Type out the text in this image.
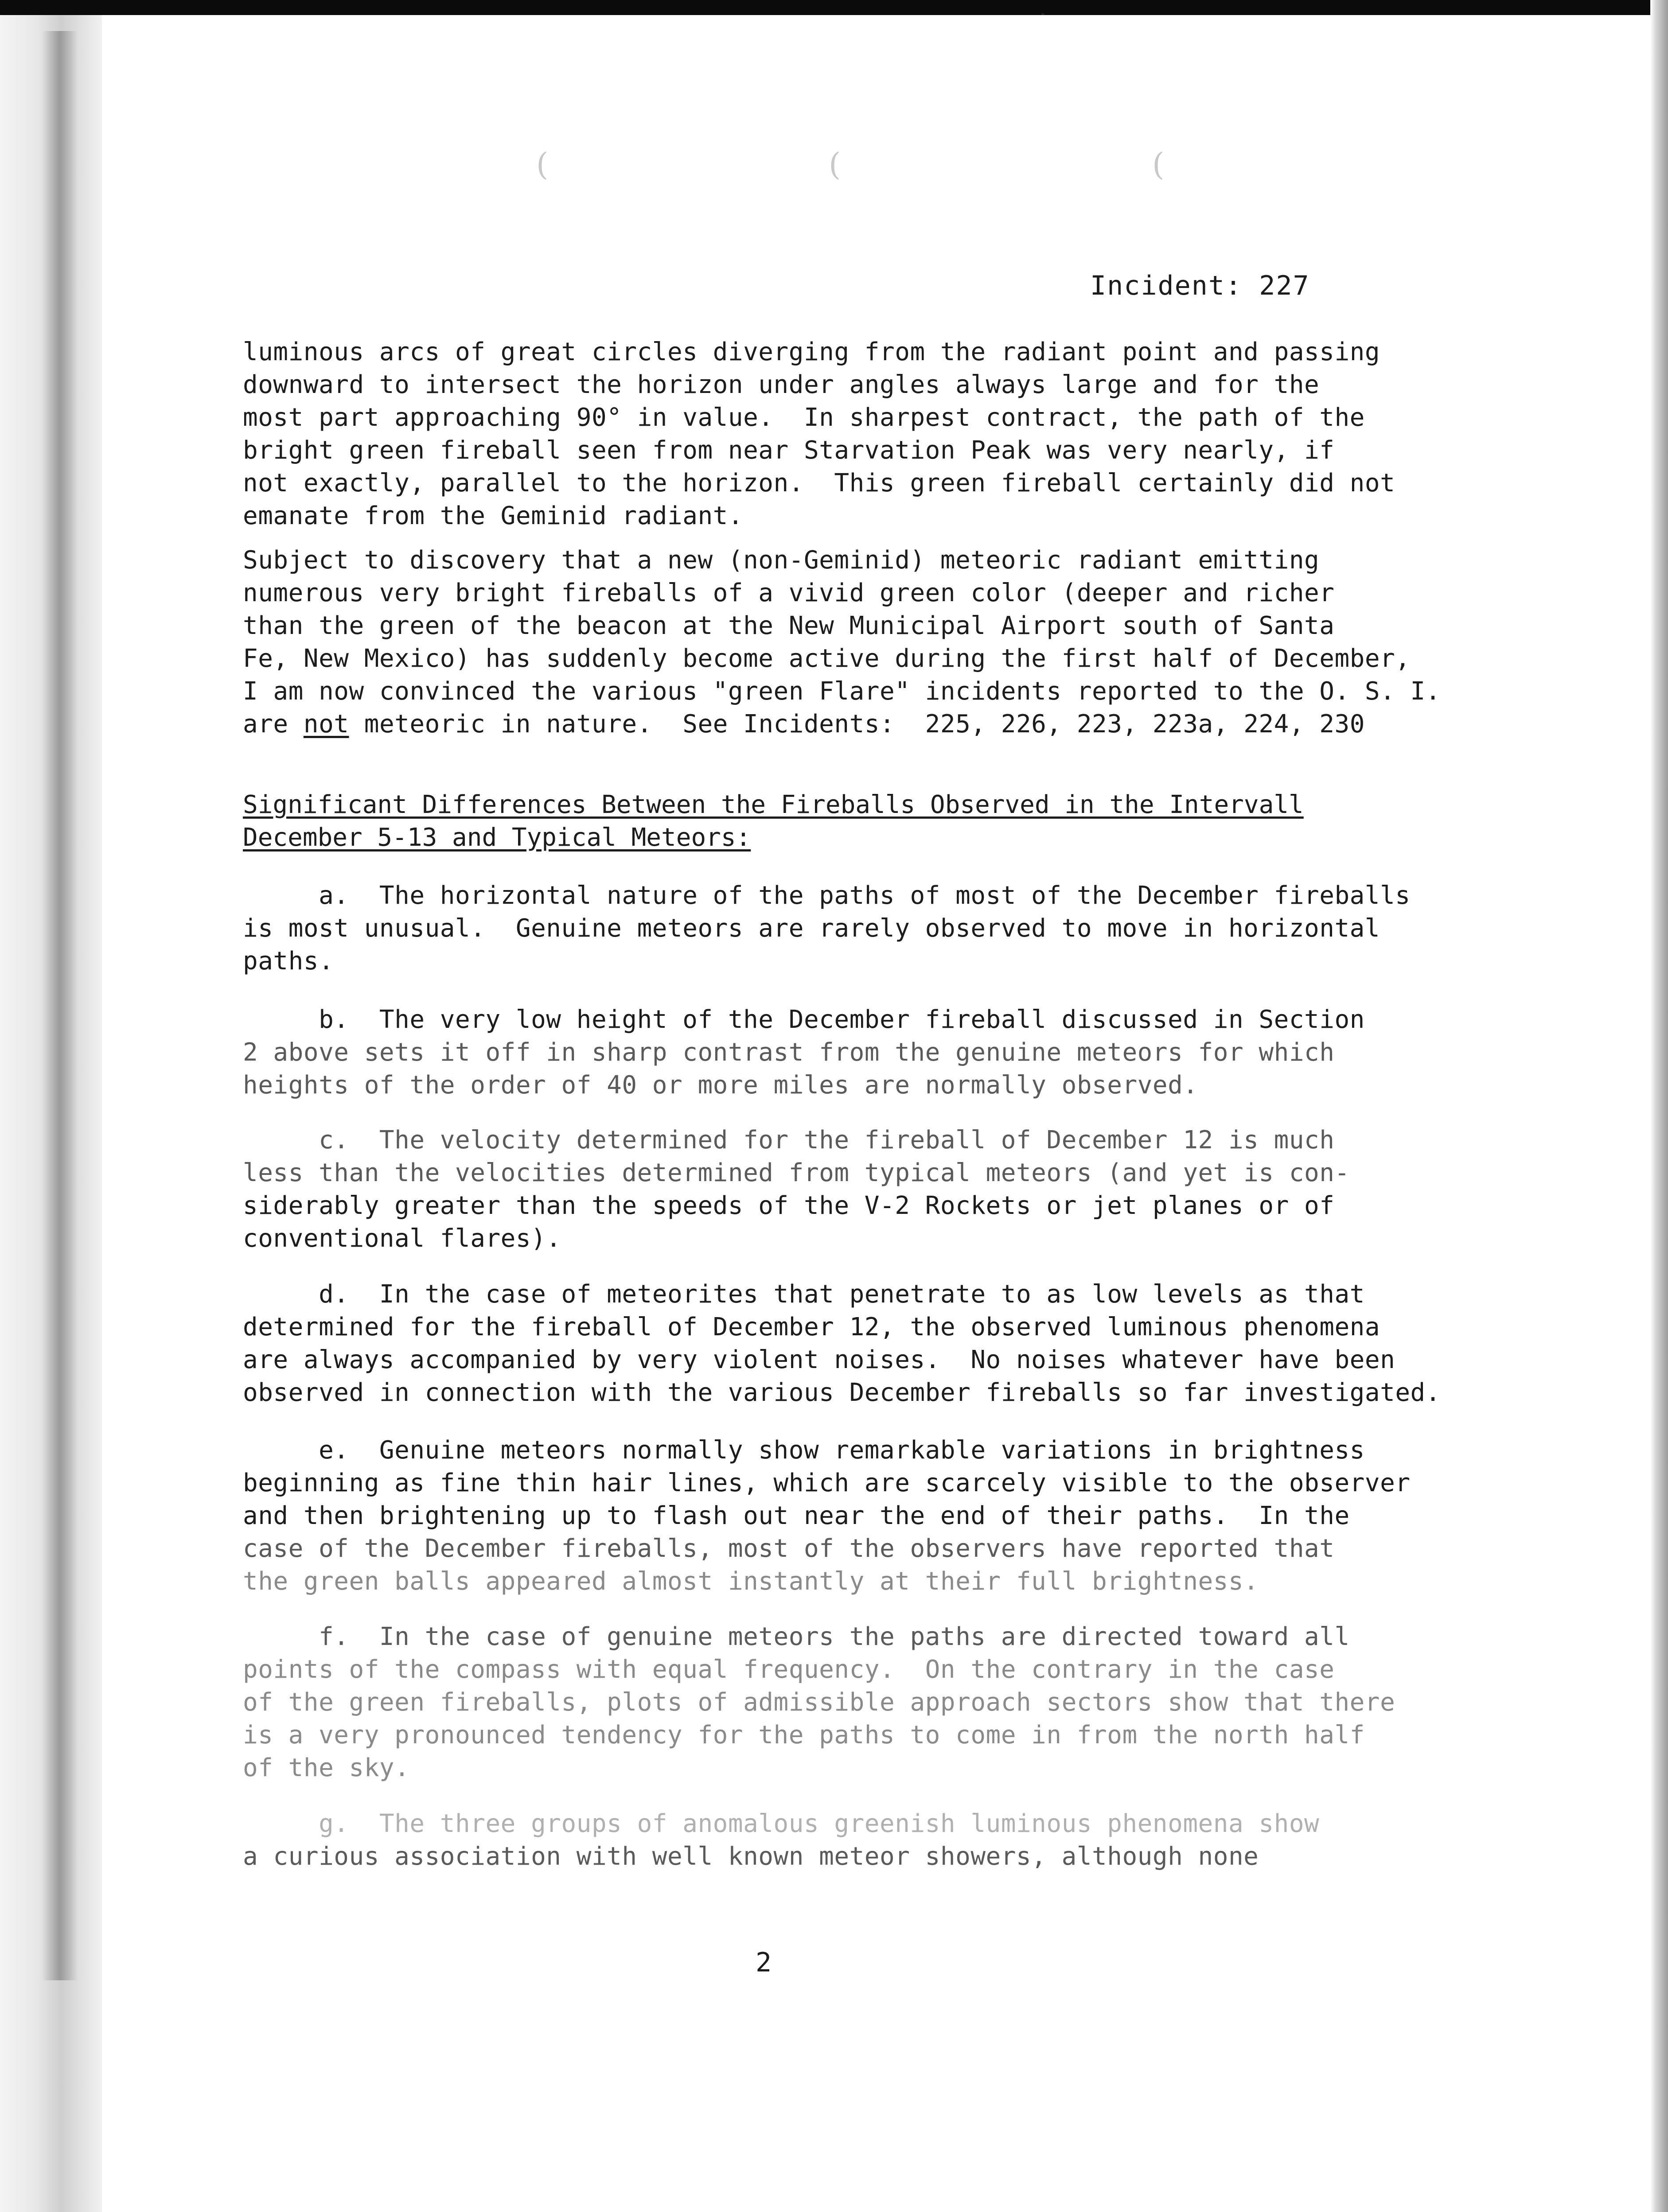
(	(	(
Incident: 227

luminous arcs of great circles diverging from the radiant point and passing

downward to intersect the horizon under angles always large and for the

most part approaching 90° in value.  In sharpest contract, the path of the

bright green fireball seen from near Starvation Peak was very nearly, if

not exactly, parallel to the horizon.  This green fireball certainly did not

emanate from the Geminid radiant.

Subject to discovery that a new (non-Geminid) meteoric radiant emitting

numerous very bright fireballs of a vivid green color (deeper and richer

than the green of the beacon at the New Municipal Airport south of Santa

Fe, New Mexico) has suddenly become active during the first half of December,

I am now convinced the various "green Flare" incidents reported to the O. S. I.

are not meteoric in nature.  See Incidents:  225, 226, 223, 223a, 224, 230

Significant Differences Between the Fireballs Observed in the Intervall

December 5-13 and Typical Meteors:

a.  The horizontal nature of the paths of most of the December fireballs

is most unusual.  Genuine meteors are rarely observed to move in horizontal

paths.

b.  The very low height of the December fireball discussed in Section

2 above sets it off in sharp contrast from the genuine meteors for which

heights of the order of 40 or more miles are normally observed.

c.  The velocity determined for the fireball of December 12 is much

less than the velocities determined from typical meteors (and yet is con-

siderably greater than the speeds of the V-2 Rockets or jet planes or of

conventional flares).

d.  In the case of meteorites that penetrate to as low levels as that

determined for the fireball of December 12, the observed luminous phenomena

are always accompanied by very violent noises.  No noises whatever have been

observed in connection with the various December fireballs so far investigated.

e.  Genuine meteors normally show remarkable variations in brightness

beginning as fine thin hair lines, which are scarcely visible to the observer

and then brightening up to flash out near the end of their paths.  In the

case of the December fireballs, most of the observers have reported that

the green balls appeared almost instantly at their full brightness.

f.  In the case of genuine meteors the paths are directed toward all

points of the compass with equal frequency.  On the contrary in the case

of the green fireballs, plots of admissible approach sectors show that there

is a very pronounced tendency for the paths to come in from the north half

of the sky.

g.  The three groups of anomalous greenish luminous phenomena show

a curious association with well known meteor showers, although none

2
